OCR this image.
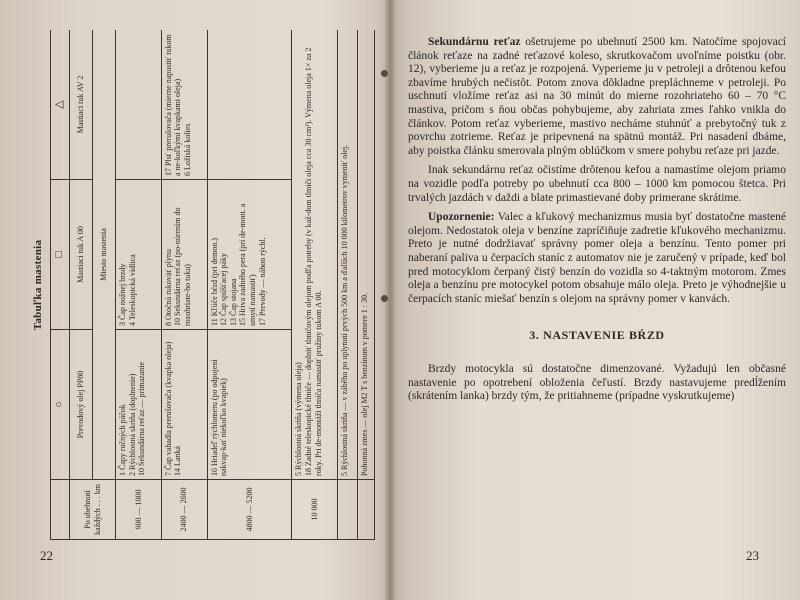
Tabuľka mastenia
	○	□	△
Po ubehnutí každých . . . km	Prevodový olej PP80	Mastiaci tuk A 00	Mastiaci tuk AV 2
	Miesto mastenia		
900 — 1000	1 Čapy ručných páčok 2 Rýchlostná skriňa (doplnenie) 10 Sekundárna reťaz — primazanie	3 Čap nožnej brzdy 4 Teleskopická vidlica	

2400 — 2600	7 Čap vahadla prerušovača (kvapka oleja) 14 Lanká	8 Otočná rukoväť plynu 10 Sekundárna reťaz (po-núrením do rozohriate-ho tuku)	17 Plsť prerušovača (mierne napustiť tukom a ne-koľkými kvapkami oleja) 6 Ložiská kolies

4800 — 5200	16 Hriadeľ rýchlomeru (po odpojení nakvap-kať niekoľko kvapiek)	11 Kľúče bŕzd (pri demon.) 12 Čap spúšťacej páky 13 Čap stojana 15 Hriva zadného pera (pri de-mont. a umytí namastiť) 17 Prevody — náhon rýchl.	

10 000	5 Rýchlostná skriňa (výmena oleja) 18 Zadné teleskopické tlmiče — doplniť tlmičovým olejom podľa potreby (v kaž-dom tlmiči oleja cca 30 cm³). Výmena oleja 1× za 2 roky. Pri de-montáži tlmiča namastiť pružiny tukom A 00.		

	5 Rýchlostná skriňa — v záběhu po uplynutí prvých 500 km a ďalších 10 000 kilometrov vymeniť olej.		

	Pohonná zmes — olej M2 T s benzínom v pomere 1 : 30.		
22

Sekundárnu reťaz ošetrujeme po ubehnutí 2500 km. Natočíme spojovací článok reťaze na zadné reťazové koleso, skrutkovačom uvoľníme poistku (obr. 12), vyberieme ju a reťaz je rozpojená. Vyperieme ju v petroleji a drôtenou kefou zbavíme hrubých nečistôt. Potom znova dôkladne prepláchneme v petroleji. Po uschnutí vložíme reťaz asi na 30 minút do mierne rozohriateho 60 – 70 °C mastiva, pričom s ňou občas pohybujeme, aby zahriata zmes ľahko vnikla do článkov. Potom reťaz vyberieme, mastivo necháme stuhnúť a prebytočný tuk z povrchu zotrieme. Reťaz je pripevnená na spätnú montáž. Pri nasadení dbáme, aby poistka článku smerovala plným oblúčkom v smere pohybu reťaze pri jazde.

Inak sekundárnu reťaz očistíme drôtenou kefou a namastíme olejom priamo na vozidle podľa potreby po ubehnutí cca 800 – 1000 km pomocou štetca. Pri trvalých jazdách v daždi a blate primastievané doby primerane skrátime.

Upozornenie: Valec a kľukový mechanizmus musia byť dostatočne mastené olejom. Nedostatok oleja v benzíne zapríčiňuje zadretie kľukového mechanizmu. Preto je nutné dodržiavať správny pomer oleja a benzínu. Tento pomer pri naberaní paliva u čerpacích staníc z automatov nie je zaručený v prípade, keď bol pred motocyklom čerpaný čistý benzín do vozidla so 4-taktným motorom. Zmes oleja a benzínu pre motocykel potom obsahuje málo oleja. Preto je výhodnejšie u čerpacích staníc miešať benzín s olejom na správny pomer v kanvách.

3. NASTAVENIE BŔZD

Brzdy motocykla sú dostatočne dimenzované. Vyžadujú len občasné nastavenie po opotrebení obloženia čeľustí. Brzdy nastavujeme predĺžením (skrátením lanka) brzdy tým, že pritiahneme (prípadne vyskrutkujeme)

23
